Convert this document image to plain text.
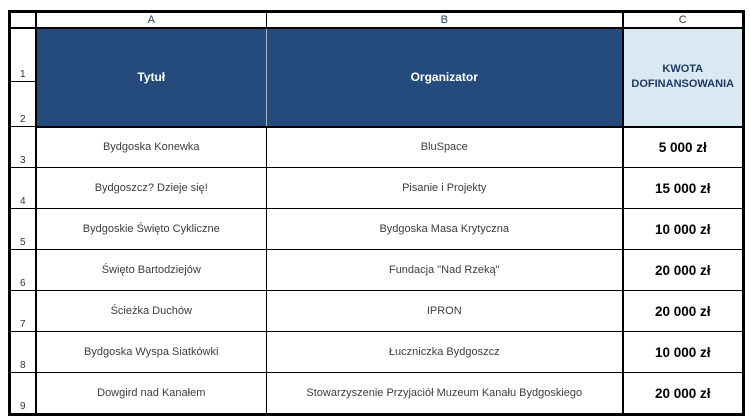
	A	B	C
1	Tytuł	Organizator	KWOTA DOFINANSOWANIA
2			
3	Bydgoska Konewka	BluSpace	5 000 zł
4	Bydgoszcz? Dzieje się!	Pisanie i Projekty	15 000 zł
5	Bydgoskie Święto Cykliczne	Bydgoska Masa Krytyczna	10 000 zł
6	Święto Bartodziejów	Fundacja "Nad Rzeką"	20 000 zł
7	Ścieżka Duchów	IPRON	20 000 zł
8	Bydgoska Wyspa Siatkówki	Łuczniczka Bydgoszcz	10 000 zł
9	Dowgird nad Kanałem	Stowarzyszenie Przyjaciół Muzeum Kanału Bydgoskiego	20 000 zł
